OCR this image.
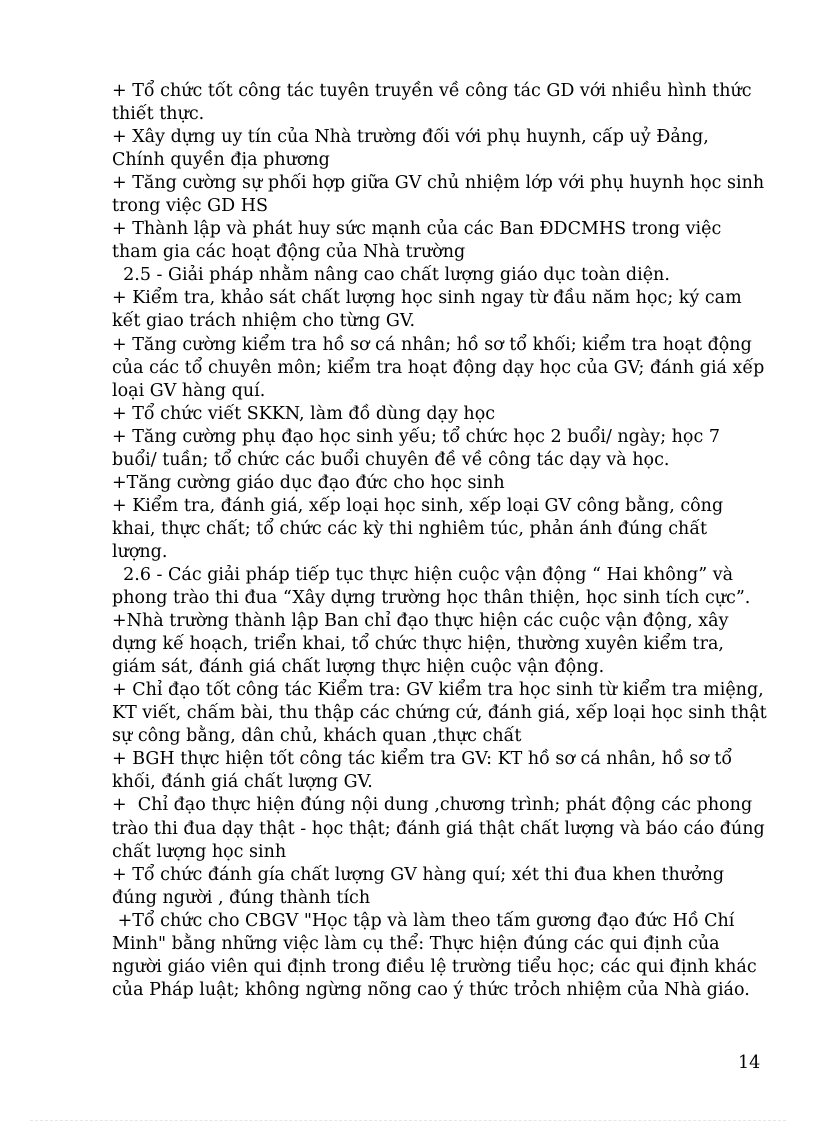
+ Tổ chức tốt công tác tuyên truyền về công tác GD với nhiều hình thức thiết thực.

+ Xây dựng uy tín của Nhà trường đối với phụ huynh, cấp uỷ Đảng, Chính quyền địa phương

+ Tăng cường sự phối hợp giữa GV chủ nhiệm lớp với phụ huynh học sinh trong việc GD HS

+ Thành lập và phát huy sức mạnh của các Ban ĐDCMHS trong việc tham gia các hoạt động của Nhà trường

2.5 - Giải pháp nhằm nâng cao chất lượng giáo dục toàn diện.

+ Kiểm tra, khảo sát chất lượng học sinh ngay từ đầu năm học; ký cam kết giao trách nhiệm cho từng GV.

+ Tăng cường kiểm tra hồ sơ cá nhân; hồ sơ tổ khối; kiểm tra hoạt động của các tổ chuyên môn; kiểm tra hoạt động dạy học của GV; đánh giá xếp loại GV hàng quí.

+ Tổ chức viết SKKN, làm đồ dùng dạy học

+ Tăng cường phụ đạo học sinh yếu; tổ chức học 2 buổi/ ngày; học 7 buổi/ tuần; tổ chức các buổi chuyên đề về công tác dạy và học.

+Tăng cường giáo dục đạo đức cho học sinh

+ Kiểm tra, đánh giá, xếp loại học sinh, xếp loại GV công bằng, công khai, thực chất; tổ chức các kỳ thi nghiêm túc, phản ánh đúng chất lượng.

2.6 - Các giải pháp tiếp tục thực hiện cuộc vận động “ Hai không” và phong trào thi đua “Xây dựng trường học thân thiện, học sinh tích cực”.

+Nhà trường thành lập Ban chỉ đạo thực hiện các cuộc vận động, xây dựng kế hoạch, triển khai, tổ chức thực hiện, thường xuyên kiểm tra, giám sát, đánh giá chất lượng thực hiện cuộc vận động.

+ Chỉ đạo tốt công tác Kiểm tra: GV kiểm tra học sinh từ kiểm tra miệng, KT viết, chấm bài, thu thập các chứng cứ, đánh giá, xếp loại học sinh thật sự công bằng, dân chủ, khách quan ,thực chất

+ BGH thực hiện tốt công tác kiểm tra GV: KT hồ sơ cá nhân, hồ sơ tổ khối, đánh giá chất lượng GV.

+  Chỉ đạo thực hiện đúng nội dung ,chương trình; phát động các phong trào thi đua dạy thật - học thật; đánh giá thật chất lượng và báo cáo đúng chất lượng học sinh

+ Tổ chức đánh gía chất lượng GV hàng quí; xét thi đua khen thưởng đúng người , đúng thành tích

+Tổ chức cho CBGV "Học tập và làm theo tấm gương đạo đức Hồ Chí Minh" bằng những việc làm cụ thể: Thực hiện đúng các qui định của người giáo viên qui định trong điều lệ trường tiểu học; các qui định khác của Pháp luật; không ngừng nõng cao ý thức trỏch nhiệm của Nhà giáo.

14
